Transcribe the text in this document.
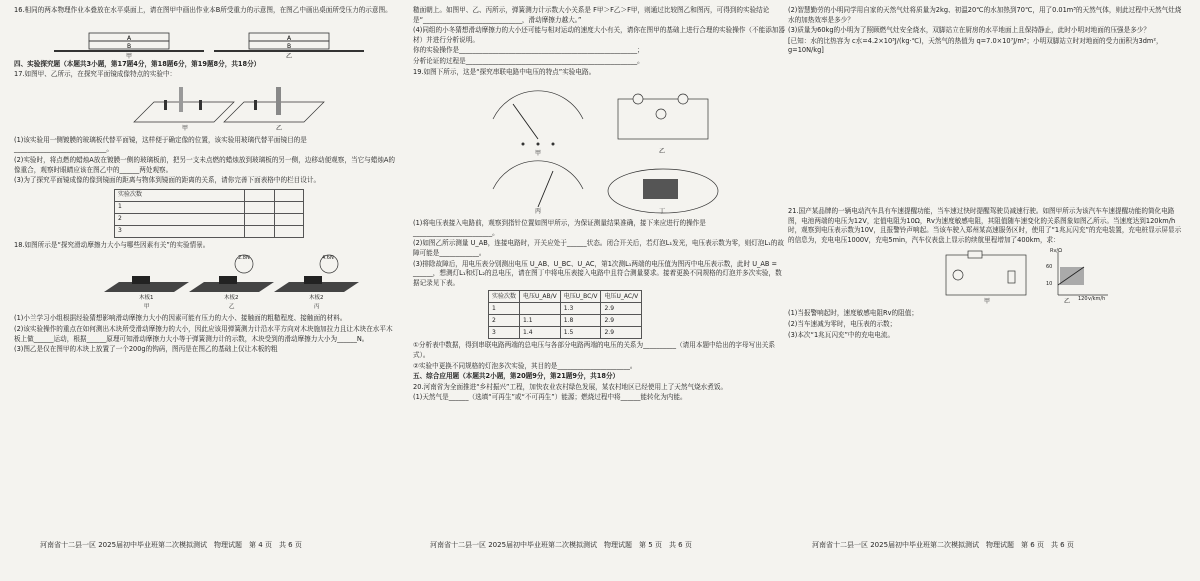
16.相同的两本物理作业本叠放在水平桌面上，请在图甲中画出作业本B所受重力的示意图，在图乙中画出桌面所受压力的示意图。

A
B
A
B
甲	乙

四、实验探究题（本题共3小题，第17题4分，第18题6分，第19题8分，共18分）

17.如图甲、乙所示，在探究平面镜成像特点的实验中：

甲	乙

(1)该实验用一侧镀膜的玻璃板代替平面镜，这样便于确定像的位置，该实验用玻璃代替平面镜目的是____________________________。

(2)实验时，将点燃的蜡烛A放在镀膜一侧的玻璃板前，把另一支未点燃的蜡烛放到玻璃板的另一侧，边移动便观察，当它与蜡烛A的像重合，观察时眼睛应该在图乙中的______两处观察。

(3)为了探究平面镜成像的像到镜面的距离与物体到镜面的距离的关系，请你完善下面表格中的栏目设计。

实验次数		
1		
2		
3		

18.如图所示是“探究滑动摩擦力大小与哪些因素有关”的实验情景。

2.8N	4.6N
木板1	木板2	木板2
甲	乙	丙

(1)小兰学习小组根据经验猜想影响滑动摩擦力大小的因素可能有压力的大小、接触面的粗糙程度、接触面的材料。

(2)该实验操作的重点在如何测出木块所受滑动摩擦力的大小，因此应该用弹簧测力计沿水平方向对木块施加拉力且让木块在水平木板上做______运动，根据______原理可知滑动摩擦力大小等于弹簧测力计的示数，木块受到的滑动摩擦力大小为______N。

(3)图乙是仅在图甲的木块上放置了一个200g的钩码，图丙是在图乙的基础上仅让木板的粗

糙面朝上。如图甲、乙、丙所示，弹簧测力计示数大小关系是 F甲＞F乙＞F甲，则通过比较图乙和图丙，可得到的实验结论是“______________________________，滑动摩擦力越大。”

(4)同组的小冬猜想滑动摩擦力的大小还可能与相对运动的速度大小有关，请你在图甲的基础上进行合理的实验操作（不能添加器材）并进行分析说明。

你的实验操作是______________________________________________________；

分析论证的过程是____________________________________________________。

19.如图下所示，这是“探究串联电路中电压的特点”实验电路。

甲	乙
丙	丁

(1)将电压表接入电路前，观察到指针位置如图甲所示，为保证测量结果准确，接下来应进行的操作是________________________。

(2)如图乙所示测量 U_AB，连接电路时，开关应处于______状态。闭合开关后，若灯泡L₁发光，电压表示数为零，则灯泡L₁的故障可能是____________。

(3)排除故障后，用电压表分别测出电压 U_AB、U_BC、U_AC，第1次测L₁两端的电压值为图丙中电压表示数，此时 U_AB = ______，想测灯L₁和灯L₂的总电压，请在图丁中将电压表接入电路中且符合测量要求。接着更换不同规格的灯泡并多次实验，数据记录见下表。

实验次数	电压U_AB/V	电压U_BC/V	电压U_AC/V
1		1.3	2.9
2	1.1	1.8	2.9
3	1.4	1.5	2.9

①分析表中数据，得到串联电路两端的总电压与各部分电路两端的电压的关系为__________（请用本题中给出的字母写出关系式）。

②实验中更换不同规格的灯泡多次实验，其目的是______________________。

五、综合应用题（本题共2小题，第20题9分，第21题9分，共18分）

20.河南省为全面推进“乡村振兴”工程，加快农业农村绿色发展，某农村地区已经使用上了天然气烧水煮饭。

(1)天然气是______（选填“可再生”或“不可再生”）能源；燃烧过程中将______能转化为内能。

(2)智慧勤劳的小明同学用自家的天然气灶将质量为2kg、初温20℃的水加热到70℃，用了0.01m³的天然气体，则此过程中天然气灶烧水的加热效率是多少？

(3)质量为60kg的小明为了照顾燃气灶安全烧水，双脚站立在厨房的水平地面上且保持静止，此时小明对地面的压强是多少？

[已知：水的比热容为 c水=4.2×10³J/(kg·℃)，天然气的热值为 q=7.0×10⁷J/m³；小明双脚站立时对地面的受力面积为3dm²，g=10N/kg]

21.国产某品牌的一辆电动汽车具有车速提醒功能，当车速过快时提醒驾驶员减速行驶。如图甲所示为该汽车车速提醒功能的简化电路图，电池两端的电压为12V，定值电阻为10Ω，Rv为速度敏感电阻，其阻值随车速变化的关系图象如图乙所示。当速度达到120km/h时，观察到电压表示数为10V，且报警铃声响起。当该车驶入郑州某高速服务区时，使用了“1兆瓦闪充”的充电装置，充电桩显示屏显示的信息为，充电电压1000V，充电5min，汽车仪表盘上显示的续航里程增加了400km，求：

甲	乙
Rv/Ω
v/km/h
60
10
120

(1)当报警响起时，速度敏感电阻Rv的阻值；

(2)当车速减为零时，电压表的示数；

(3)本次“1兆瓦闪充”中的充电电流。

河南省十二县一区 2025届初中毕业班第二次模拟测试　物理试题　第 4 页　共 6 页	河南省十二县一区 2025届初中毕业班第二次模拟测试　物理试题　第 5 页　共 6 页	河南省十二县一区 2025届初中毕业班第二次模拟测试　物理试题　第 6 页　共 6 页
